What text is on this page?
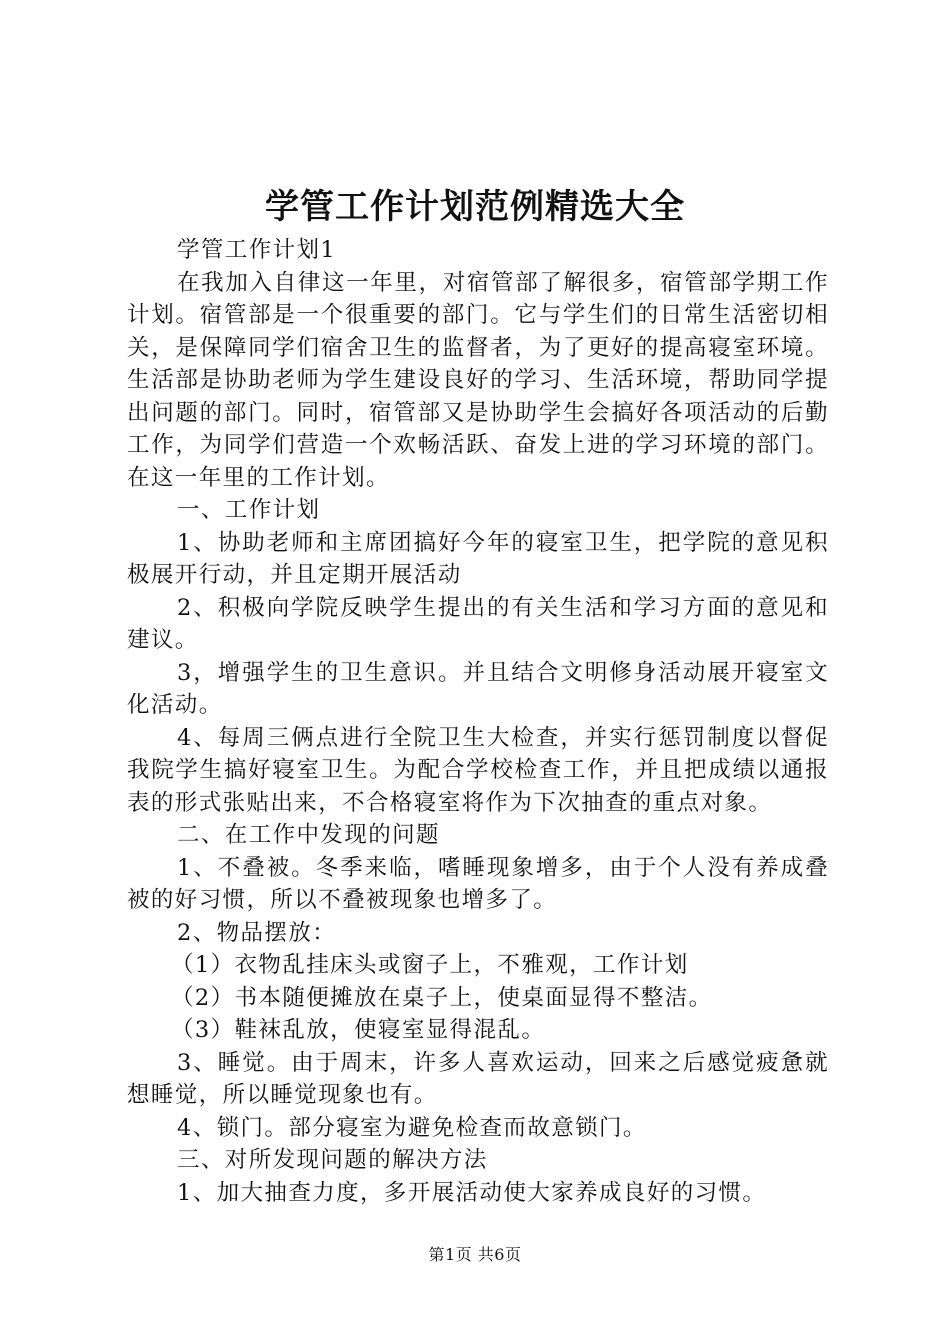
学管工作计划范例精选大全

学管工作计划1

在我加入自律这一年里，对宿管部了解很多，宿管部学期工作计划。宿管部是一个很重要的部门。它与学生们的日常生活密切相关，是保障同学们宿舍卫生的监督者，为了更好的提高寝室环境。生活部是协助老师为学生建设良好的学习、生活环境，帮助同学提出问题的部门。同时，宿管部又是协助学生会搞好各项活动的后勤工作，为同学们营造一个欢畅活跃、奋发上进的学习环境的部门。在这一年里的工作计划。

一、工作计划

1、协助老师和主席团搞好今年的寝室卫生，把学院的意见积极展开行动，并且定期开展活动

2、积极向学院反映学生提出的有关生活和学习方面的意见和建议。

3，增强学生的卫生意识。并且结合文明修身活动展开寝室文化活动。

4、每周三俩点进行全院卫生大检查，并实行惩罚制度以督促我院学生搞好寝室卫生。为配合学校检查工作，并且把成绩以通报表的形式张贴出来，不合格寝室将作为下次抽查的重点对象。

二、在工作中发现的问题

1、不叠被。冬季来临，嗜睡现象增多，由于个人没有养成叠被的好习惯，所以不叠被现象也增多了。

2、物品摆放：

（1）衣物乱挂床头或窗子上，不雅观，工作计划

（2）书本随便摊放在桌子上，使桌面显得不整洁。

（3）鞋袜乱放，使寝室显得混乱。

3、睡觉。由于周末，许多人喜欢运动，回来之后感觉疲惫就想睡觉，所以睡觉现象也有。

4、锁门。部分寝室为避免检查而故意锁门。

三、对所发现问题的解决方法

1、加大抽查力度，多开展活动使大家养成良好的习惯。

第1页 共6页
